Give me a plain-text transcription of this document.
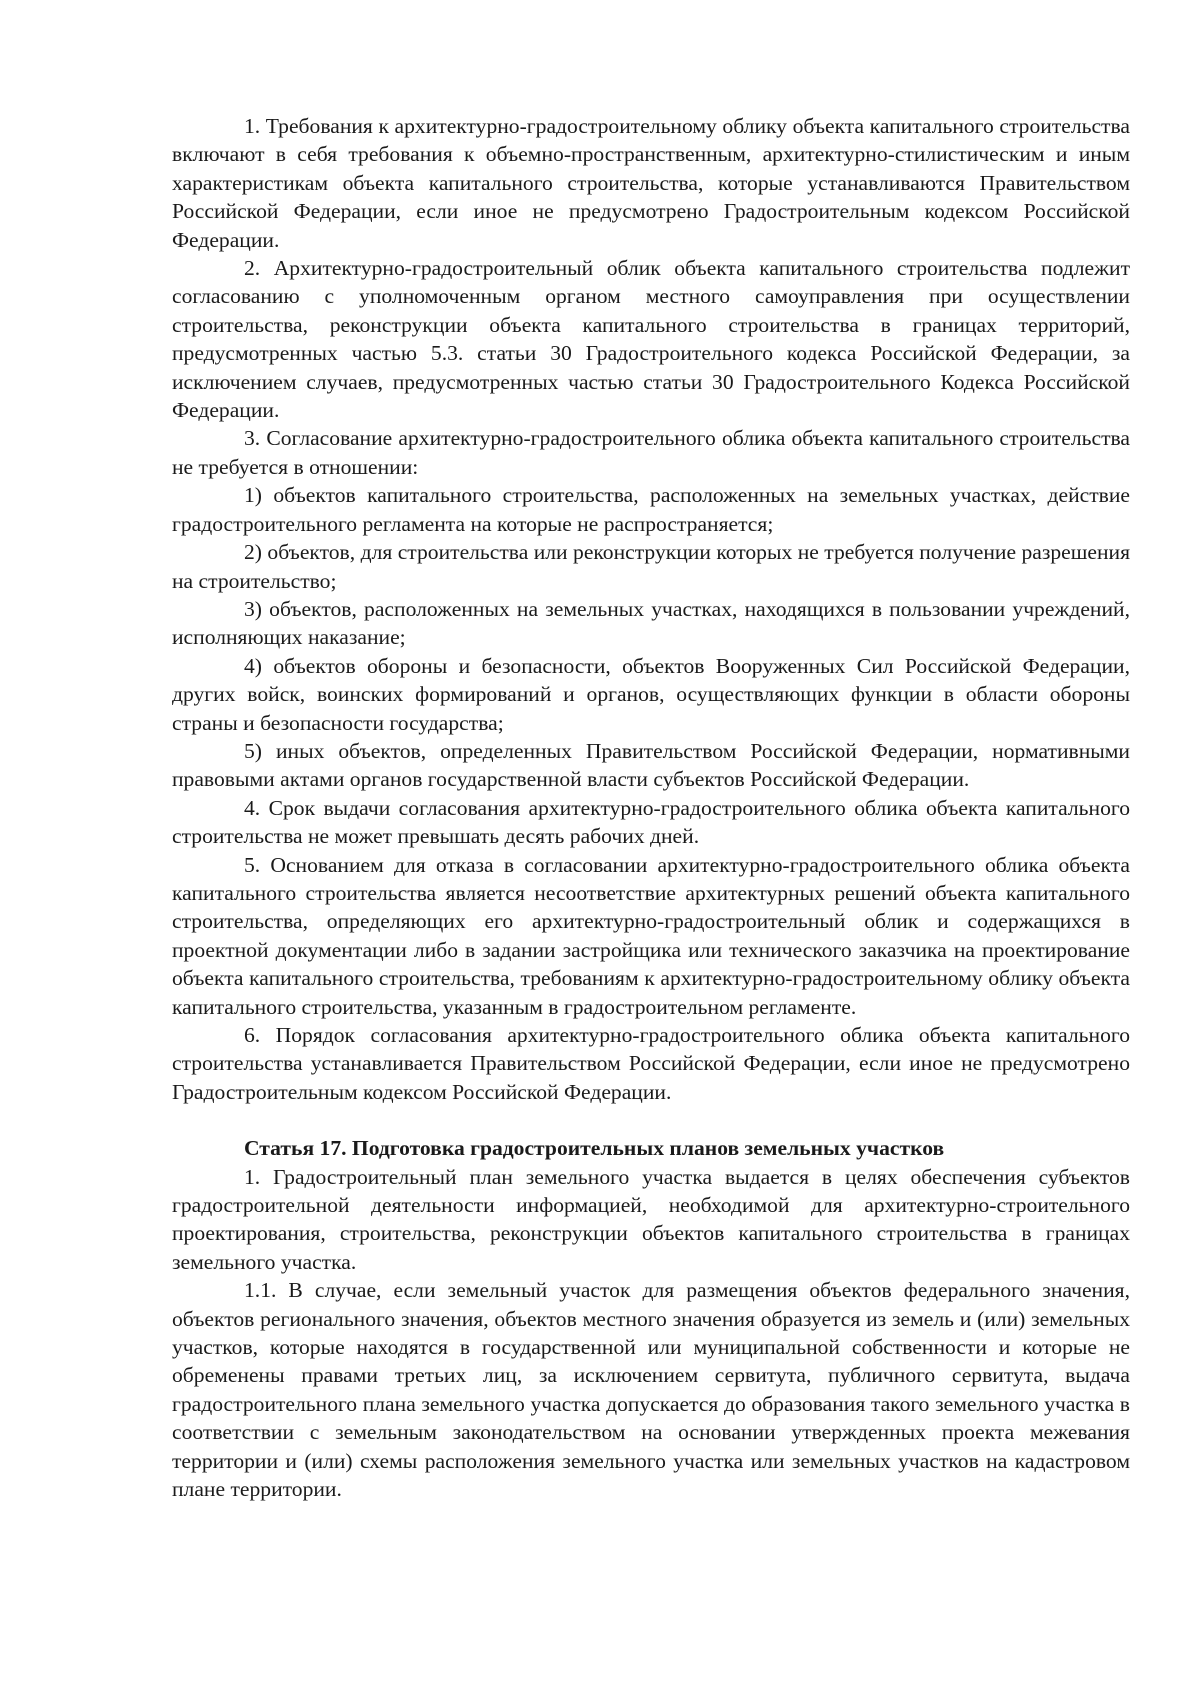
1. Требования к архитектурно-градостроительному облику объекта капитального строительства включают в себя требования к объемно-пространственным, архитектурно-стилистическим и иным характеристикам объекта капитального строительства, которые устанавливаются Правительством Российской Федерации, если иное не предусмотрено Градостроительным кодексом Российской Федерации.

2. Архитектурно-градостроительный облик объекта капитального строительства подлежит согласованию с уполномоченным органом местного самоуправления при осуществлении строительства, реконструкции объекта капитального строительства в границах территорий, предусмотренных частью 5.3. статьи 30 Градостроительного кодекса Российской Федерации, за исключением случаев, предусмотренных частью статьи 30 Градостроительного Кодекса Российской Федерации.

3. Согласование архитектурно-градостроительного облика объекта капитального строительства не требуется в отношении:

1) объектов капитального строительства, расположенных на земельных участках, действие градостроительного регламента на которые не распространяется;

2) объектов, для строительства или реконструкции которых не требуется получение разрешения на строительство;

3) объектов, расположенных на земельных участках, находящихся в пользовании учреждений, исполняющих наказание;

4) объектов обороны и безопасности, объектов Вооруженных Сил Российской Федерации, других войск, воинских формирований и органов, осуществляющих функции в области обороны страны и безопасности государства;

5) иных объектов, определенных Правительством Российской Федерации, нормативными правовыми актами органов государственной власти субъектов Российской Федерации.

4. Срок выдачи согласования архитектурно-градостроительного облика объекта капитального строительства не может превышать десять рабочих дней.

5. Основанием для отказа в согласовании архитектурно-градостроительного облика объекта капитального строительства является несоответствие архитектурных решений объекта капитального строительства, определяющих его архитектурно-градостроительный облик и содержащихся в проектной документации либо в задании застройщика или технического заказчика на проектирование объекта капитального строительства, требованиям к архитектурно-градостроительному облику объекта капитального строительства, указанным в градостроительном регламенте.

6. Порядок согласования архитектурно-градостроительного облика объекта капитального строительства устанавливается Правительством Российской Федерации, если иное не предусмотрено Градостроительным кодексом Российской Федерации.

Статья 17. Подготовка градостроительных планов земельных участков

1. Градостроительный план земельного участка выдается в целях обеспечения субъектов градостроительной деятельности информацией, необходимой для архитектурно-строительного проектирования, строительства, реконструкции объектов капитального строительства в границах земельного участка.

1.1. В случае, если земельный участок для размещения объектов федерального значения, объектов регионального значения, объектов местного значения образуется из земель и (или) земельных участков, которые находятся в государственной или муниципальной собственности и которые не обременены правами третьих лиц, за исключением сервитута, публичного сервитута, выдача градостроительного плана земельного участка допускается до образования такого земельного участка в соответствии с земельным законодательством на основании утвержденных проекта межевания территории и (или) схемы расположения земельного участка или земельных участков на кадастровом плане территории.
